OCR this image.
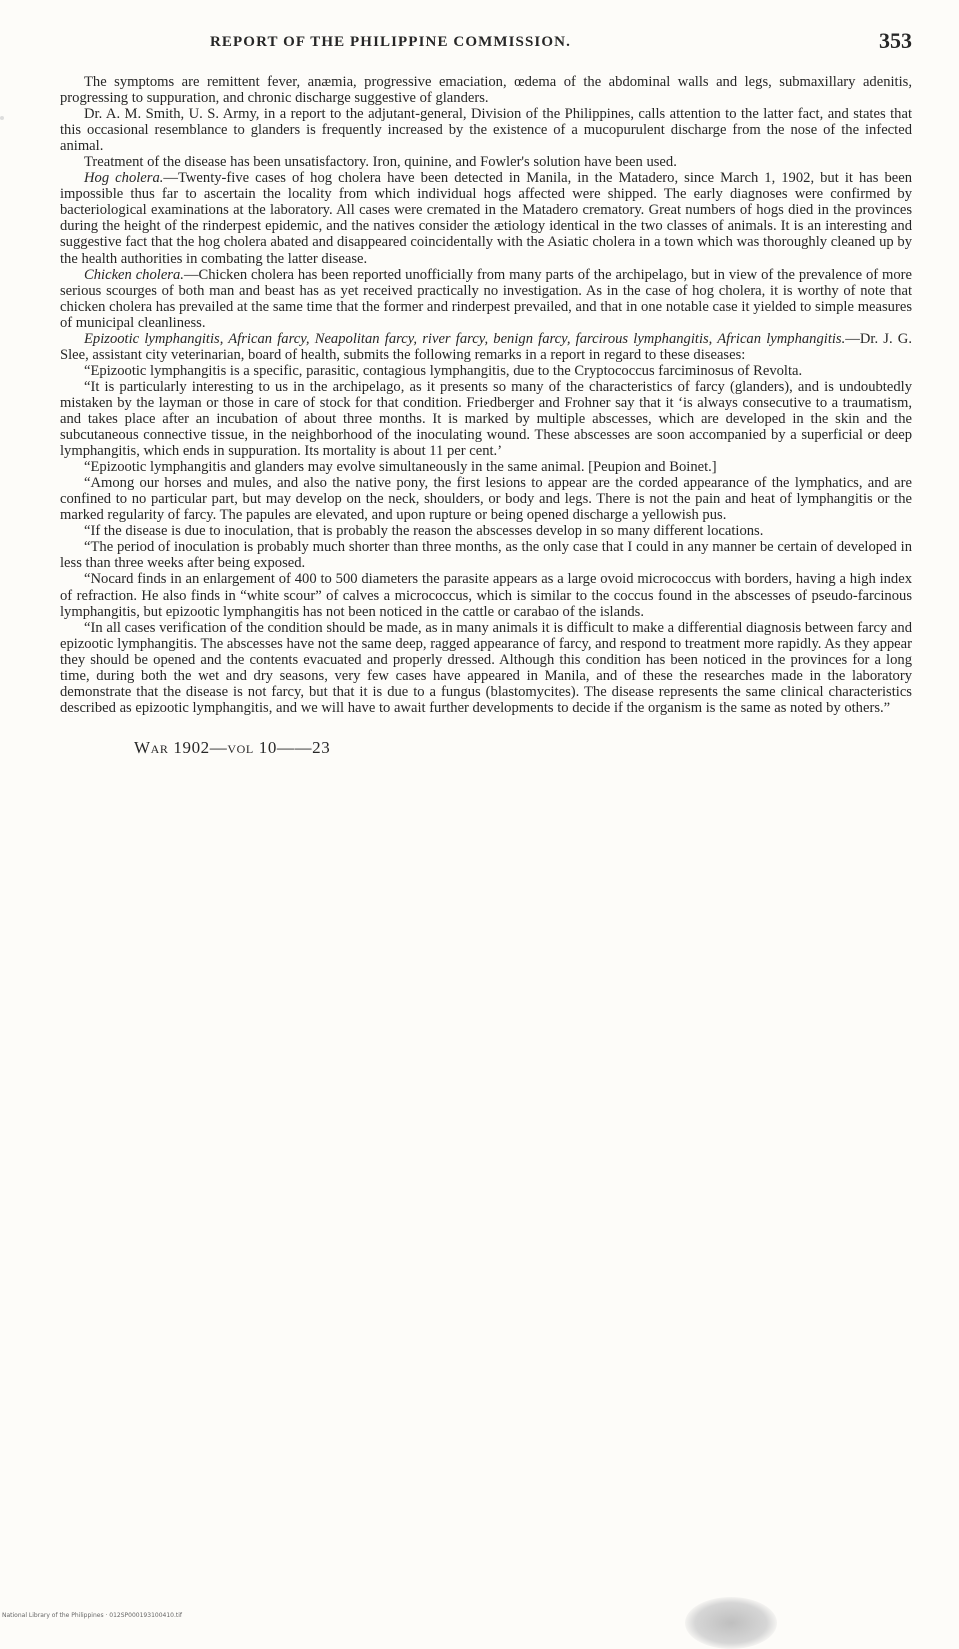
REPORT OF THE PHILIPPINE COMMISSION.	353

The symptoms are remittent fever, anæmia, progressive emaciation, œdema of the abdominal walls and legs, submaxillary adenitis, progressing to suppuration, and chronic discharge suggestive of glanders.

Dr. A. M. Smith, U. S. Army, in a report to the adjutant-general, Division of the Philippines, calls attention to the latter fact, and states that this occasional resemblance to glanders is frequently increased by the existence of a mucopurulent discharge from the nose of the infected animal.

Treatment of the disease has been unsatisfactory. Iron, quinine, and Fowler's solution have been used.

Hog cholera.—Twenty-five cases of hog cholera have been detected in Manila, in the Matadero, since March 1, 1902, but it has been impossible thus far to ascertain the locality from which individual hogs affected were shipped. The early diagnoses were confirmed by bacteriological examinations at the laboratory. All cases were cremated in the Matadero crematory. Great numbers of hogs died in the provinces during the height of the rinderpest epidemic, and the natives consider the ætiology identical in the two classes of animals. It is an interesting and suggestive fact that the hog cholera abated and disappeared coincidentally with the Asiatic cholera in a town which was thoroughly cleaned up by the health authorities in combating the latter disease.

Chicken cholera.—Chicken cholera has been reported unofficially from many parts of the archipelago, but in view of the prevalence of more serious scourges of both man and beast has as yet received practically no investigation. As in the case of hog cholera, it is worthy of note that chicken cholera has prevailed at the same time that the former and rinderpest prevailed, and that in one notable case it yielded to simple measures of municipal cleanliness.

Epizootic lymphangitis, African farcy, Neapolitan farcy, river farcy, benign farcy, farcirous lymphangitis, African lymphangitis.—Dr. J. G. Slee, assistant city veterinarian, board of health, submits the following remarks in a report in regard to these diseases:

“Epizootic lymphangitis is a specific, parasitic, contagious lymphangitis, due to the Cryptococcus farciminosus of Revolta.

“It is particularly interesting to us in the archipelago, as it presents so many of the characteristics of farcy (glanders), and is undoubtedly mistaken by the layman or those in care of stock for that condition. Friedberger and Frohner say that it ‘is always consecutive to a traumatism, and takes place after an incubation of about three months. It is marked by multiple abscesses, which are developed in the skin and the subcutaneous connective tissue, in the neighborhood of the inoculating wound. These abscesses are soon accompanied by a superficial or deep lymphangitis, which ends in suppuration. Its mortality is about 11 per cent.’

“Epizootic lymphangitis and glanders may evolve simultaneously in the same animal. [Peupion and Boinet.]

“Among our horses and mules, and also the native pony, the first lesions to appear are the corded appearance of the lymphatics, and are confined to no particular part, but may develop on the neck, shoulders, or body and legs. There is not the pain and heat of lymphangitis or the marked regularity of farcy. The papules are elevated, and upon rupture or being opened discharge a yellowish pus.

“If the disease is due to inoculation, that is probably the reason the abscesses develop in so many different locations.

“The period of inoculation is probably much shorter than three months, as the only case that I could in any manner be certain of developed in less than three weeks after being exposed.

“Nocard finds in an enlargement of 400 to 500 diameters the parasite appears as a large ovoid micrococcus with borders, having a high index of refraction. He also finds in “white scour” of calves a micrococcus, which is similar to the coccus found in the abscesses of pseudo-farcinous lymphangitis, but epizootic lymphangitis has not been noticed in the cattle or carabao of the islands.

“In all cases verification of the condition should be made, as in many animals it is difficult to make a differential diagnosis between farcy and epizootic lymphangitis. The abscesses have not the same deep, ragged appearance of farcy, and respond to treatment more rapidly. As they appear they should be opened and the contents evacuated and properly dressed. Although this condition has been noticed in the provinces for a long time, during both the wet and dry seasons, very few cases have appeared in Manila, and of these the researches made in the laboratory demonstrate that the disease is not farcy, but that it is due to a fungus (blastomycites). The disease represents the same clinical characteristics described as epizootic lymphangitis, and we will have to await further developments to decide if the organism is the same as noted by others.”

War 1902—vol 10——23
National Library of the Philippines · 012SP000193100410.tif
